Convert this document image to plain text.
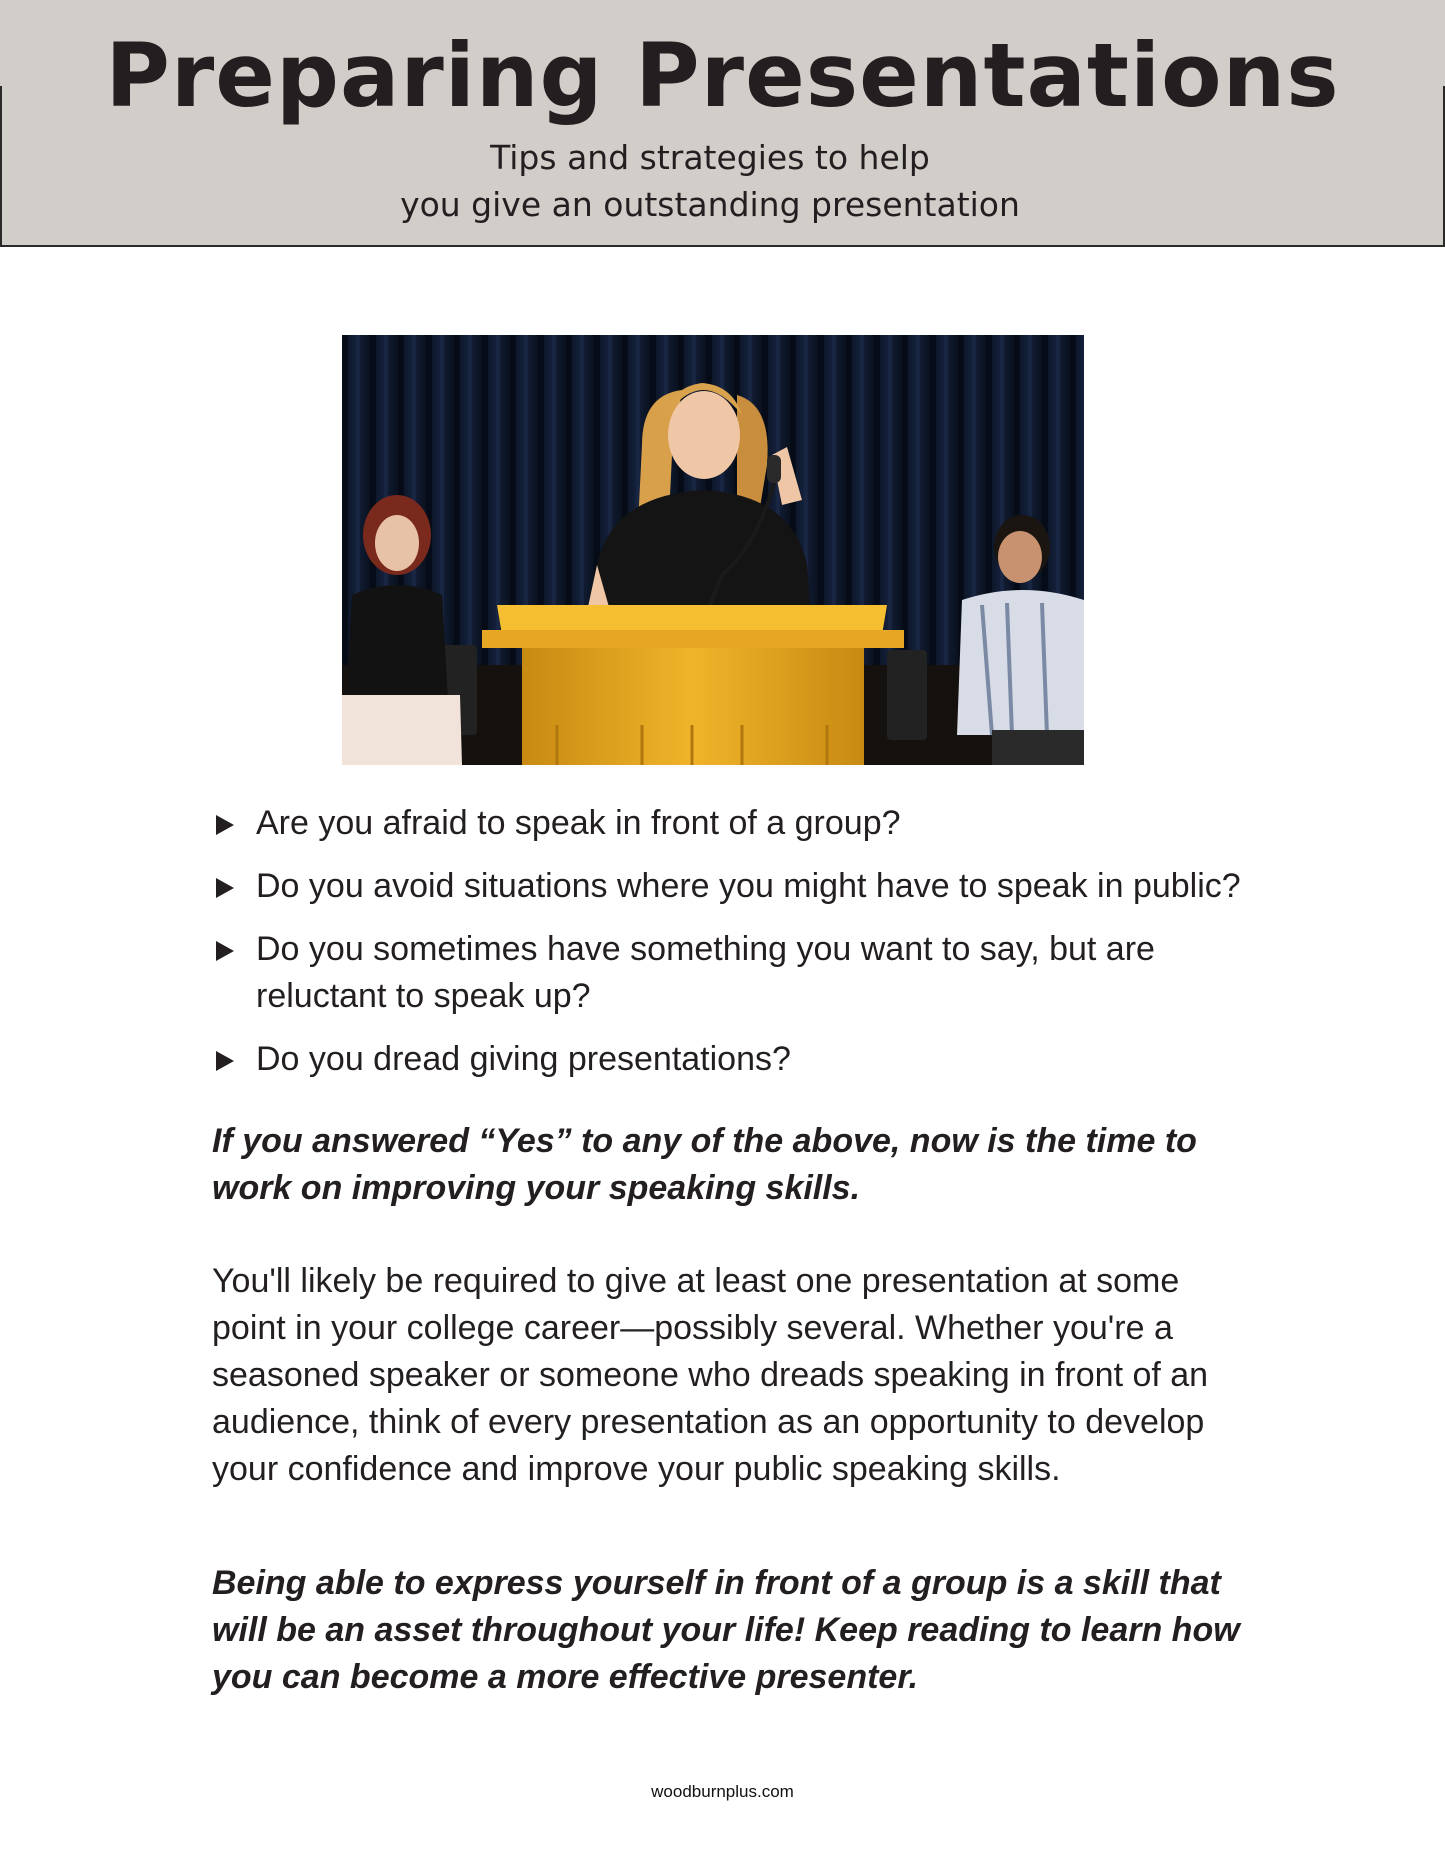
Preparing Presentations
Tips and strategies to help
you give an outstanding presentation
Are you afraid to speak in front of a group?
Do you avoid situations where you might have to speak in public?
Do you sometimes have something you want to say, but are reluctant to speak up?
Do you dread giving presentations?

If you answered “Yes” to any of the above, now is the time to work on improving your speaking skills.

You'll likely be required to give at least one presentation at some point in your college career—possibly several. Whether you're a seasoned speaker or someone who dreads speaking in front of an audience, think of every presentation as an opportunity to develop your confidence and improve your public speaking skills.

Being able to express yourself in front of a group is a skill that will be an asset throughout your life! Keep reading to learn how you can become a more effective presenter.

woodburnplus.com
